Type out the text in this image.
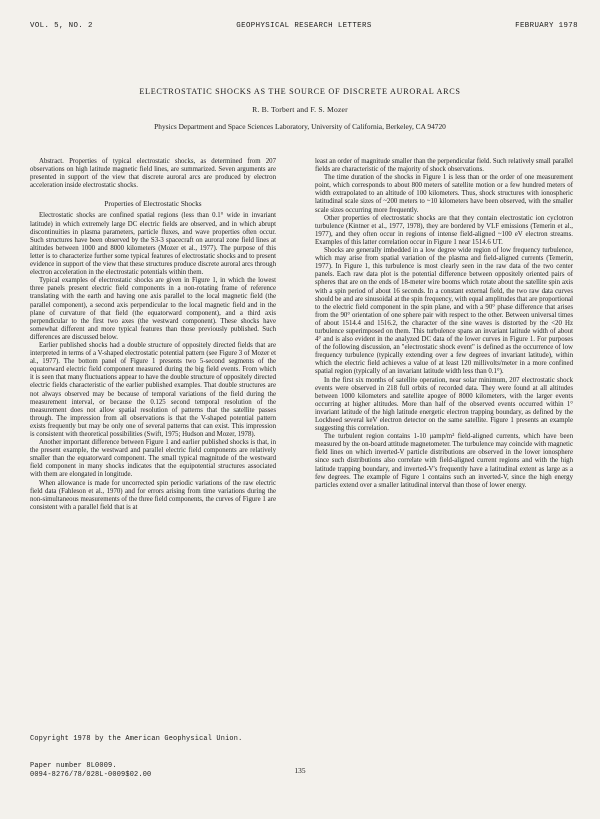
VOL. 5, NO. 2	GEOPHYSICAL RESEARCH LETTERS	FEBRUARY 1978
ELECTROSTATIC SHOCKS AS THE SOURCE OF DISCRETE AURORAL ARCS
R. B. Torbert and F. S. Mozer
Physics Department and Space Sciences Laboratory, University of California, Berkeley, CA 94720

Abstract. Properties of typical electrostatic shocks, as determined from 207 observations on high latitude magnetic field lines, are summarized. Seven arguments are presented in support of the view that discrete auroral arcs are produced by electron acceleration inside electrostatic shocks.

Properties of Electrostatic Shocks

Electrostatic shocks are confined spatial regions (less than 0.1° wide in invariant latitude) in which extremely large DC electric fields are observed, and in which abrupt discontinuities in plasma parameters, particle fluxes, and wave properties often occur. Such structures have been observed by the S3-3 spacecraft on auroral zone field lines at altitudes between 1000 and 8000 kilometers (Mozer et al., 1977). The purpose of this letter is to characterize further some typical features of electrostatic shocks and to present evidence in support of the view that these structures produce discrete auroral arcs through electron acceleration in the electrostatic potentials within them.

Typical examples of electrostatic shocks are given in Figure 1, in which the lowest three panels present electric field components in a non-rotating frame of reference translating with the earth and having one axis parallel to the local magnetic field (the parallel component), a second axis perpendicular to the local magnetic field and in the plane of curvature of that field (the equatorward component), and a third axis perpendicular to the first two axes (the westward component). These shocks have somewhat different and more typical features than those previously published. Such differences are discussed below.

Earlier published shocks had a double structure of oppositely directed fields that are interpreted in terms of a V-shaped electrostatic potential pattern (see Figure 3 of Mozer et al., 1977). The bottom panel of Figure 1 presents two 5-second segments of the equatorward electric field component measured during the big field events. From which it is seen that many fluctuations appear to have the double structure of oppositely directed electric fields characteristic of the earlier published examples. That double structures are not always observed may be because of temporal variations of the field during the measurement interval, or because the 0.125 second temporal resolution of the measurement does not allow spatial resolution of patterns that the satellite passes through. The impression from all observations is that the V-shaped potential pattern exists frequently but may be only one of several patterns that can exist. This impression is consistent with theoretical possibilities (Swift, 1975; Hudson and Mozer, 1978).

Another important difference between Figure 1 and earlier published shocks is that, in the present example, the westward and parallel electric field components are relatively smaller than the equatorward component. The small typical magnitude of the westward field component in many shocks indicates that the equipotential structures associated with them are elongated in longitude.

When allowance is made for uncorrected spin periodic variations of the raw electric field data (Fahleson et al., 1970) and for errors arising from time variations during the non-simultaneous measurements of the three field components, the curves of Figure 1 are consistent with a parallel field that is at

least an order of magnitude smaller than the perpendicular field. Such relatively small parallel fields are characteristic of the majority of shock observations.

The time duration of the shocks in Figure 1 is less than or the order of one measurement point, which corresponds to about 800 meters of satellite motion or a few hundred meters of width extrapolated to an altitude of 100 kilometers. Thus, shock structures with ionospheric latitudinal scale sizes of ~200 meters to ~10 kilometers have been observed, with the smaller scale sizes occurring more frequently.

Other properties of electrostatic shocks are that they contain electrostatic ion cyclotron turbulence (Kintner et al., 1977, 1978), they are bordered by VLF emissions (Temerin et al., 1977), and they often occur in regions of intense field-aligned ~100 eV electron streams. Examples of this latter correlation occur in Figure 1 near 1514.6 UT.

Shocks are generally imbedded in a low degree wide region of low frequency turbulence, which may arise from spatial variation of the plasma and field-aligned currents (Temerin, 1977). In Figure 1, this turbulence is most clearly seen in the raw data of the two center panels. Each raw data plot is the potential difference between oppositely oriented pairs of spheres that are on the ends of 18-meter wire booms which rotate about the satellite spin axis with a spin period of about 16 seconds. In a constant external field, the two raw data curves should be and are sinusoidal at the spin frequency, with equal amplitudes that are proportional to the electric field component in the spin plane, and with a 90° phase difference that arises from the 90° orientation of one sphere pair with respect to the other. Between universal times of about 1514.4 and 1516.2, the character of the sine waves is distorted by the <20 Hz turbulence superimposed on them. This turbulence spans an invariant latitude width of about 4° and is also evident in the analyzed DC data of the lower curves in Figure 1. For purposes of the following discussion, an "electrostatic shock event" is defined as the occurrence of low frequency turbulence (typically extending over a few degrees of invariant latitude), within which the electric field achieves a value of at least 120 millivolts/meter in a more confined spatial region (typically of an invariant latitude width less than 0.1°).

In the first six months of satellite operation, near solar minimum, 207 electrostatic shock events were observed in 218 full orbits of recorded data. They were found at all altitudes between 1000 kilometers and satellite apogee of 8000 kilometers, with the larger events occurring at higher altitudes. More than half of the observed events occurred within 1° invariant latitude of the high latitude energetic electron trapping boundary, as defined by the Lockheed several keV electron detector on the same satellite. Figure 1 presents an example suggesting this correlation.

The turbulent region contains 1-10 μamp/m² field-aligned currents, which have been measured by the on-board attitude magnetometer. The turbulence may coincide with magnetic field lines on which inverted-V particle distributions are observed in the lower ionosphere since such distributions also correlate with field-aligned current regions and with the high latitude trapping boundary, and inverted-V's frequently have a latitudinal extent as large as a few degrees. The example of Figure 1 contains such an inverted-V, since the high energy particles extend over a smaller latitudinal interval than those of lower energy.

Copyright 1978 by the American Geophysical Union.
Paper number 8L0009.
0094-8276/78/028L-0009$02.00	135
